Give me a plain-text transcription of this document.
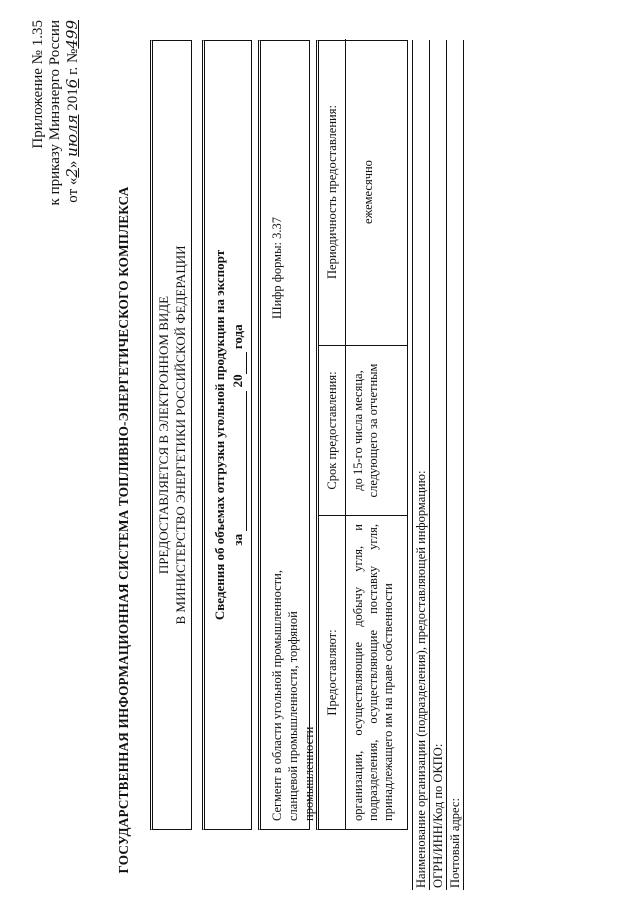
Приложение № 1.35 к приказу Минэнерго России от «2» июля 2016 г. №499
ГОСУДАРСТВЕННАЯ ИНФОРМАЦИОННАЯ СИСТЕМА ТОПЛИВНО-ЭНЕРГЕТИЧЕСКОГО КОМПЛЕКСА ПРЕДОСТАВЛЯЕТСЯ В ЭЛЕКТРОННОМ ВИДЕ В МИНИСТЕРСТВО ЭНЕРГЕТИКИ РОССИЙСКОЙ ФЕДЕРАЦИИ Сведения об объемах отгрузки угольной продукции на экспорт за  20 года
Сегмент в области угольной промышленности, сланцевой промышленности, торфяной промышленности
Шифр формы: 3.37
Предоставляют: организации, осуществляющие добычу угля, и подразделения, осуществляющие поставку угля, принадлежащего им на праве собственности
Срок предоставления: до 15-го числа месяца, следующего за отчетным
Периодичность предоставления:	ежемесячно
Наименование организации (подразделения), предоставляющей информацию: ОГРН/ИНН/Код по ОКПО: Почтовый адрес:
